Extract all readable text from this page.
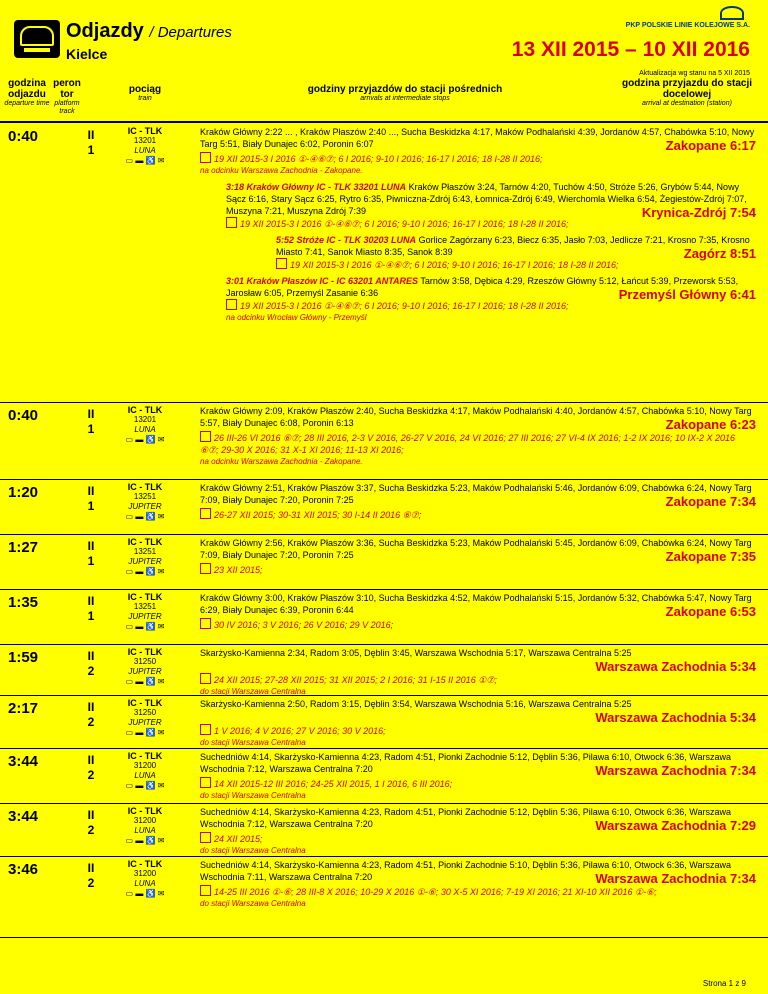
Odjazdy / Departures
Kielce
PKP POLSKIE LINIE KOLEJOWE S.A.
13 XII 2015 – 10 XII 2016
Aktualizacja wg stanu na 5 XII 2015
godzina odjazdu
departure time
peron tor
platform track
pociąg
train
godziny przyjazdów do stacji pośrednich
arrivals at intermediate stops
godzina przyjazdu do stacji docelowej
arrival at destination (station)
0:40	II
1
IC - TLK
13201
LUNA
▭ ▬ ♿ ✉
Kraków Główny 2:22 ... , Kraków Płaszów 2:40 ..., Sucha Beskidzka 4:17, Maków Podhalański 4:39, Jordanów 4:57, Chabówka 5:10, Nowy Targ 5:51, Biały Dunajec 6:02, Poronin 6:07	Zakopane 6:17
19 XII 2015-3 I 2016 ①-④⑥⑦; 6 I 2016; 9-10 I 2016; 16-17 I 2016; 18 I-28 II 2016;
na odcinku Warszawa Zachodnia - Zakopane.
3:18 Kraków Główny IC - TLK 33201 LUNA Kraków Płaszów 3:24, Tarnów 4:20, Tuchów 4:50, Stróże 5:26, Grybów 5:44, Nowy Sącz 6:16, Stary Sącz 6:25, Rytro 6:35, Piwniczna-Zdrój 6:43, Łomnica-Zdrój 6:49, Wierchomla Wielka 6:54, Żegiestów-Zdrój 7:07, Muszyna 7:21, Muszyna Zdrój 7:39	Krynica-Zdrój 7:54
19 XII 2015-3 I 2016 ①-④⑥⑦; 6 I 2016; 9-10 I 2016; 16-17 I 2016; 18 I-28 II 2016;
5:52 Stróże IC - TLK 30203 LUNA Gorlice Zagórzany 6:23, Biecz 6:35, Jasło 7:03, Jedlicze 7:21, Krosno 7:35, Krosno Miasto 7:41, Sanok Miasto 8:35, Sanok 8:39	Zagórz 8:51
19 XII 2015-3 I 2016 ①-④⑥⑦; 6 I 2016; 9-10 I 2016; 16-17 I 2016; 18 I-28 II 2016;
3:01 Kraków Płaszów IC - IC 63201 ANTARES Tarnów 3:58, Dębica 4:29, Rzeszów Główny 5:12, Łańcut 5:39, Przeworsk 5:53, Jarosław 6:05, Przemyśl Zasanie 6:36	Przemyśl Główny 6:41
19 XII 2015-3 I 2016 ①-④⑥⑦; 6 I 2016; 9-10 I 2016; 16-17 I 2016; 18 I-28 II 2016;
na odcinku Wrocław Główny - Przemyśl
0:40	II
1
IC - TLK
13201
LUNA
▭ ▬ ♿ ✉
Kraków Główny 2:09, Kraków Płaszów 2:40, Sucha Beskidzka 4:17, Maków Podhalański 4:40, Jordanów 4:57, Chabówka 5:10, Nowy Targ 5:57, Biały Dunajec 6:08, Poronin 6:13	Zakopane 6:23
26 III-26 VI 2016 ⑥⑦; 28 III 2016, 2-3 V 2016, 26-27 V 2016, 24 VI 2016; 27 III 2016; 27 VI-4 IX 2016; 1-2 IX 2016; 10 IX-2 X 2016 ⑥⑦; 29-30 X 2016; 31 X-1 XI 2016; 11-13 XI 2016;
na odcinku Warszawa Zachodnia - Zakopane.
1:20	II
1
IC - TLK
13251
JUPITER
▭ ▬ ♿ ✉
Kraków Główny 2:51, Kraków Płaszów 3:37, Sucha Beskidzka 5:23, Maków Podhalański 5:46, Jordanów 6:09, Chabówka 6:24, Nowy Targ 7:09, Biały Dunajec 7:20, Poronin 7:25	Zakopane 7:34
26-27 XII 2015; 30-31 XII 2015; 30 I-14 II 2016 ⑥⑦;
1:27	II
1
IC - TLK
13251
JUPITER
▭ ▬ ♿ ✉
Kraków Główny 2:56, Kraków Płaszów 3:36, Sucha Beskidzka 5:23, Maków Podhalański 5:45, Jordanów 6:09, Chabówka 6:24, Nowy Targ 7:09, Biały Dunajec 7:20, Poronin 7:25	Zakopane 7:35
23 XII 2015;
1:35	II
1
IC - TLK
13251
JUPITER
▭ ▬ ♿ ✉
Kraków Główny 3:00, Kraków Płaszów 3:10, Sucha Beskidzka 4:52, Maków Podhalański 5:15, Jordanów 5:32, Chabówka 5:47, Nowy Targ 6:29, Biały Dunajec 6:39, Poronin 6:44	Zakopane 6:53
30 IV 2016; 3 V 2016; 26 V 2016; 29 V 2016;
1:59	II
2
IC - TLK
31250
JUPITER
▭ ▬ ♿ ✉
Skarżysko-Kamienna 2:34, Radom 3:05, Dęblin 3:45, Warszawa Wschodnia 5:17, Warszawa Centralna 5:25
Warszawa Zachodnia 5:34
24 XII 2015; 27-28 XII 2015; 31 XII 2015; 2 I 2016; 31 I-15 II 2016 ①⑦;
do stacji Warszawa Centralna
2:17	II
2
IC - TLK
31250
JUPITER
▭ ▬ ♿ ✉
Skarżysko-Kamienna 2:50, Radom 3:15, Dęblin 3:54, Warszawa Wschodnia 5:16, Warszawa Centralna 5:25
Warszawa Zachodnia 5:34
1 V 2016; 4 V 2016; 27 V 2016; 30 V 2016;
do stacji Warszawa Centralna
3:44	II
2
IC - TLK
31200
LUNA
▭ ▬ ♿ ✉
Suchedniów 4:14, Skarżysko-Kamienna 4:23, Radom 4:51, Pionki Zachodnie 5:12, Dęblin 5:36, Pilawa 6:10, Otwock 6:36, Warszawa Wschodnia 7:12, Warszawa Centralna 7:20	Warszawa Zachodnia 7:34
14 XII 2015-12 III 2016; 24-25 XII 2015, 1 I 2016, 6 III 2016;
do stacji Warszawa Centralna
3:44	II
2
IC - TLK
31200
LUNA
▭ ▬ ♿ ✉
Suchedniów 4:14, Skarżysko-Kamienna 4:23, Radom 4:51, Pionki Zachodnie 5:12, Dęblin 5:36, Pilawa 6:10, Otwock 6:36, Warszawa Wschodnia 7:12, Warszawa Centralna 7:20	Warszawa Zachodnia 7:29
24 XII 2015;
do stacji Warszawa Centralna
3:46	II
2
IC - TLK
31200
LUNA
▭ ▬ ♿ ✉
Suchedniów 4:14, Skarżysko-Kamienna 4:23, Radom 4:51, Pionki Zachodnie 5:10, Dęblin 5:36, Pilawa 6:10, Otwock 6:36, Warszawa Wschodnia 7:11, Warszawa Centralna 7:20	Warszawa Zachodnia 7:34
14-25 III 2016 ①-⑥; 28 III-8 X 2016; 10-29 X 2016 ①-⑥; 30 X-5 XI 2016; 7-19 XI 2016; 21 XI-10 XII 2016 ①-⑥;
do stacji Warszawa Centralna
Strona 1 z 9
